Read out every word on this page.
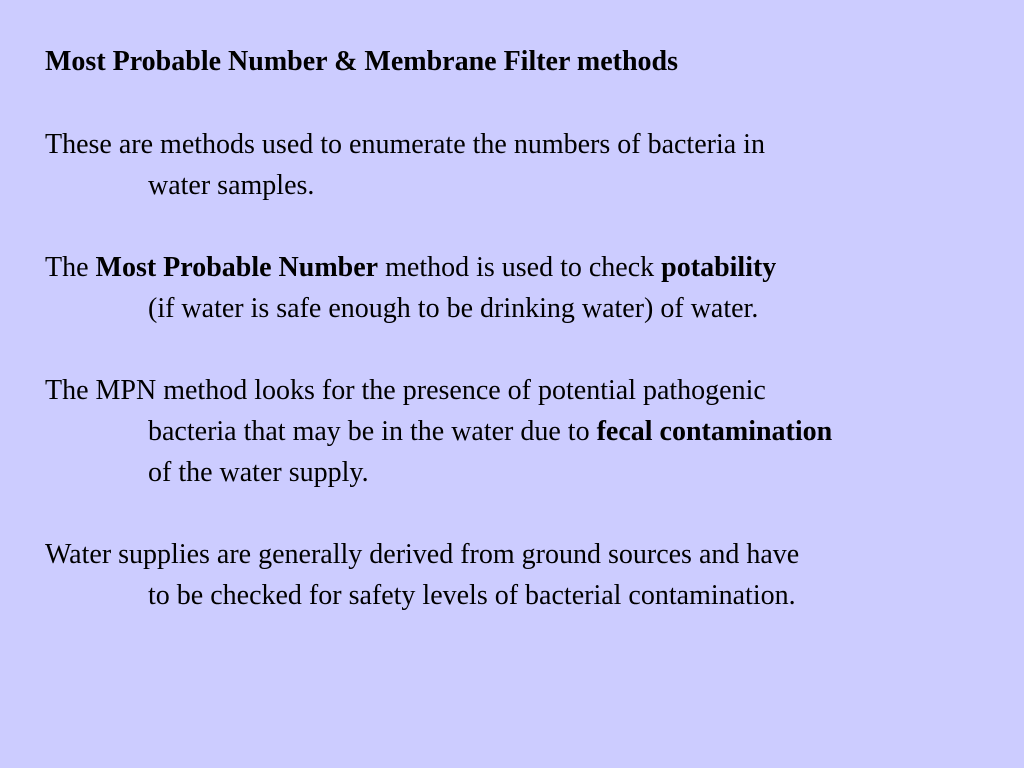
Most Probable Number & Membrane Filter methods

These are methods used to enumerate the numbers of bacteria in
water samples.

The Most Probable Number method is used to check potability
(if water is safe enough to be drinking water) of water.

The MPN method looks for the presence of potential pathogenic
bacteria that may be in the water due to fecal contamination
of the water supply.

Water supplies are generally derived from ground sources and have
to be checked for safety levels of bacterial contamination.
